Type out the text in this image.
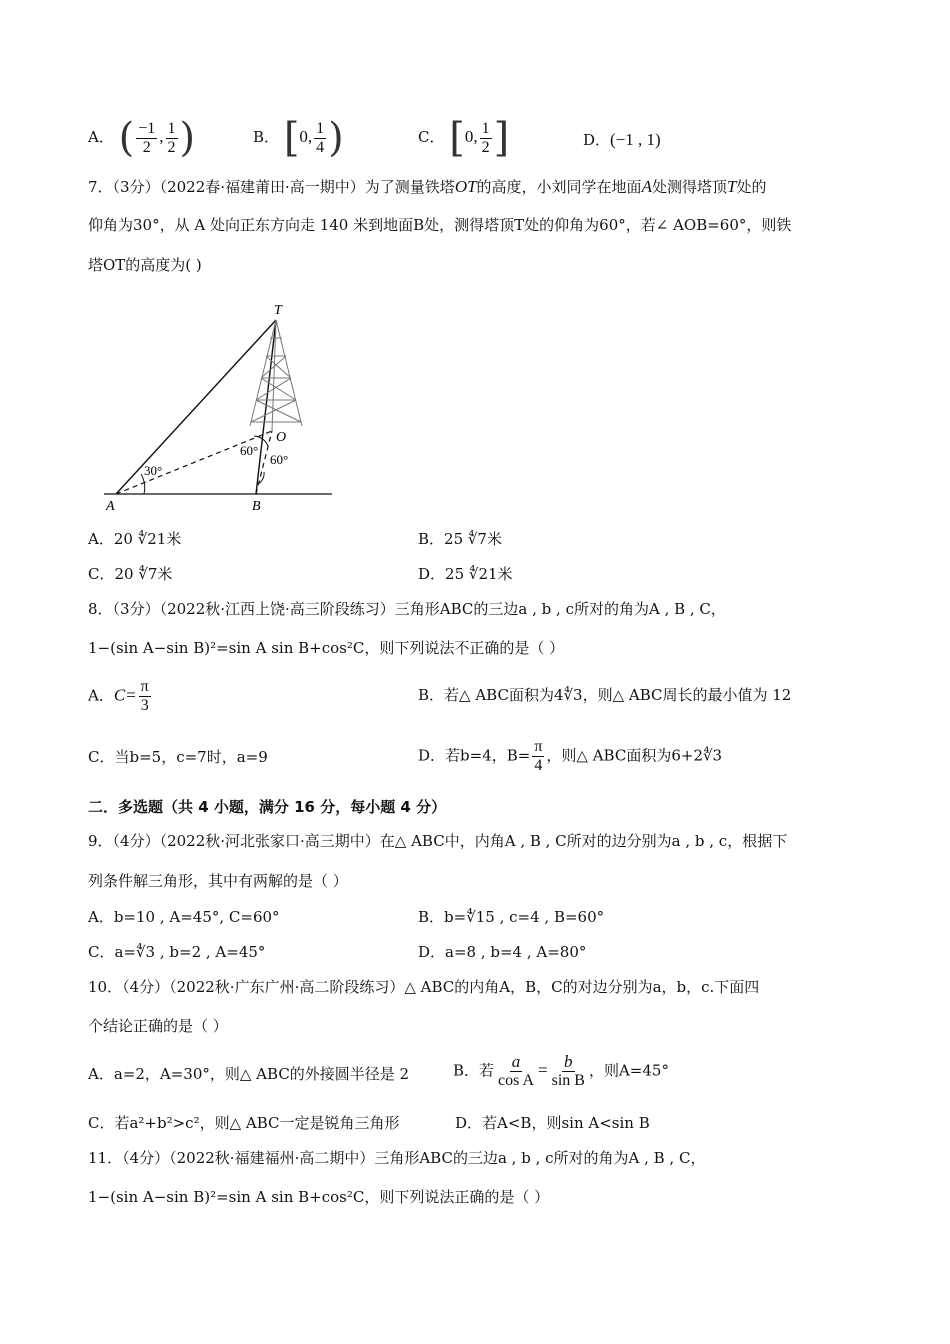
A． ( $\frac{-1}{2}$ , $\frac{1}{2}$ )	B． [0, $\frac{1}{4}$ )	C． [0, $\frac{1}{2}$ ]	D．(−1 , 1)
7．（3分）（2022春·福建莆田·高一期中）为了测量铁塔OT的高度，小刘同学在地面A处测得塔顶T处的
仰角为30°，从 A 处向正东方向走 140 米到地面B处，测得塔顶T处的仰角为60°，若∠ AOB=60°，则铁
塔OT的高度为( )
T
O
A	B
30°
60°
60°
A．20 ∜21米	B．25 ∜7米
C．20 ∜7米	D．25 ∜21米
8．（3分）（2022秋·江西上饶·高三阶段练习）三角形ABC的三边a , b , c所对的角为A , B , C，
1−(sin A−sin B)²=sin A sin B+cos²C，则下列说法不正确的是（ ）
A．$C= \frac{\pi}{3}$	B．若△ ABC面积为4∜3，则△ ABC周长的最小值为 12
C．当b=5，c=7时，a=9	D．若b=4，$B= \frac{\pi}{4}$ ，则△ ABC面积为6+2∜3
二．多选题（共 4 小题，满分 16 分，每小题 4 分）
9．（4分）（2022秋·河北张家口·高三期中）在△ ABC中，内角A , B , C所对的边分别为a , b , c，根据下
列条件解三角形，其中有两解的是（ ）
A．b=10 , A=45°, C=60°	B．b=∜15 , c=4 , B=60°
C．a=∜3 , b=2 , A=45°	D．a=8 , b=4 , A=80°
10．（4分）（2022秋·广东广州·高二阶段练习）△ ABC的内角A，B，C的对边分别为a，b，c.下面四
个结论正确的是（ ）
A．a=2，A=30°，则△ ABC的外接圆半径是 2	B．若 $\frac{a}{\text{cos A}} = \frac{b}{\text{sin B}}$ ，则A=45°
C．若a²+b²>c²，则△ ABC一定是锐角三角形	D．若A<B，则sin A<sin B
11．（4分）（2022秋·福建福州·高二期中）三角形ABC的三边a , b , c所对的角为A , B , C，
1−(sin A−sin B)²=sin A sin B+cos²C，则下列说法正确的是（ ）
